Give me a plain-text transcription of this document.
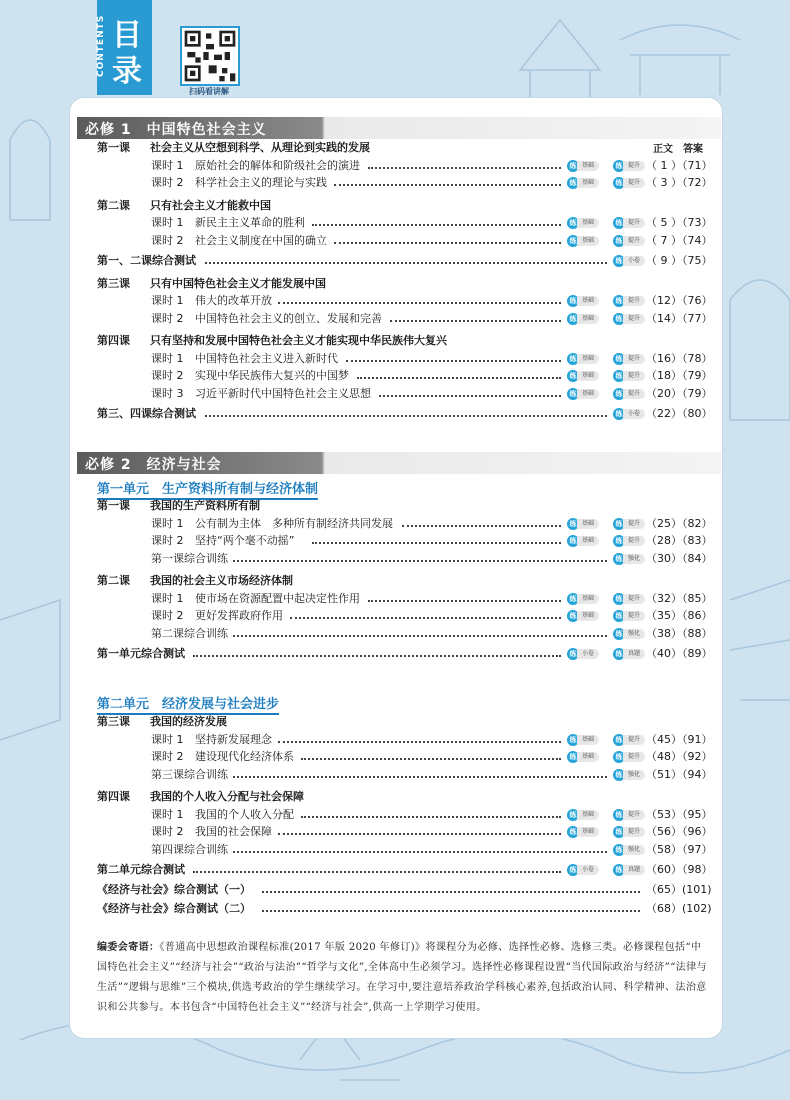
目录
CONTENTS
扫码看讲解
必修 1　中国特色社会主义
正文 答案
第一课 社会主义从空想到科学、从理论到实践的发展
课时 1 原始社会的解体和阶级社会的演进	练 基础	练 提升 （ 1 ）（71）
课时 2 科学社会主义的理论与实践	练 基础	练 提升 （ 3 ）（72）
第二课 只有社会主义才能救中国
课时 1 新民主主义革命的胜利	练 基础	练 提升 （ 5 ）（73）
课时 2 社会主义制度在中国的确立	练 基础	练 提升 （ 7 ）（74）
第一、二课综合测试	练 小卷 （ 9 ）（75）
第三课 只有中国特色社会主义才能发展中国
课时 1 伟大的改革开放	练 基础	练 提升 （12）（76）
课时 2 中国特色社会主义的创立、发展和完善	练 基础	练 提升 （14）（77）
第四课 只有坚持和发展中国特色社会主义才能实现中华民族伟大复兴
课时 1 中国特色社会主义进入新时代	练 基础	练 提升 （16）（78）
课时 2 实现中华民族伟大复兴的中国梦	练 基础	练 提升 （18）（79）
课时 3 习近平新时代中国特色社会主义思想	练 基础	练 提升 （20）（79）
第三、四课综合测试	练 小卷 （22）（80）
必修 2　经济与社会
第一单元　生产资料所有制与经济体制
第一课 我国的生产资料所有制
课时 1 公有制为主体　多种所有制经济共同发展	练 基础	练 提升 （25）（82）
课时 2 坚持“两个毫不动摇”	练 基础	练 提升 （28）（83）
第一课综合训练	练 强化 （30）（84）
第二课 我国的社会主义市场经济体制
课时 1 使市场在资源配置中起决定性作用	练 基础	练 提升 （32）（85）
课时 2 更好发挥政府作用	练 基础	练 提升 （35）（86）
第二课综合训练	练 强化 （38）（88）
第一单元综合测试	练 小卷	练 真题 （40）（89）
第二单元　经济发展与社会进步
第三课 我国的经济发展
课时 1 坚持新发展理念	练 基础	练 提升 （45）（91）
课时 2 建设现代化经济体系	练 基础	练 提升 （48）（92）
第三课综合训练	练 强化 （51）（94）
第四课 我国的个人收入分配与社会保障
课时 1 我国的个人收入分配	练 基础	练 提升 （53）（95）
课时 2 我国的社会保障	练 基础	练 提升 （56）（96）
第四课综合训练	练 强化 （58）（97）
第二单元综合测试	练 小卷	练 真题 （60）（98）
《经济与社会》综合测试（一）	（65）(101)
《经济与社会》综合测试（二）	（68）(102)
编委会寄语：《普通高中思想政治课程标准(2017 年版 2020 年修订)》将课程分为必修、选择性必修、选修三类。必修课程包括“中国特色社会主义”“经济与社会”“政治与法治”“哲学与文化”,全体高中生必须学习。选择性必修课程设置“当代国际政治与经济”“法律与生活”“逻辑与思维”三个模块,供选考政治的学生继续学习。在学习中,要注意培养政治学科核心素养,包括政治认同、科学精神、法治意识和公共参与。本书包含“中国特色社会主义”“经济与社会”,供高一上学期学习使用。
